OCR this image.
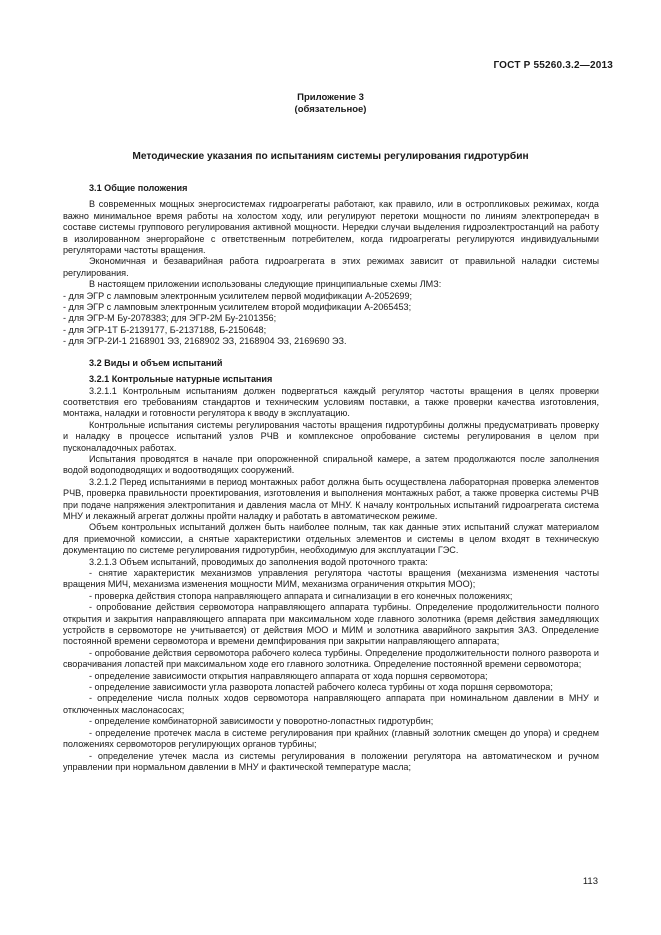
ГОСТ Р 55260.3.2—2013
Приложение 3
(обязательное)
Методические указания по испытаниям системы регулирования гидротурбин

3.1 Общие положения

В современных мощных энергосистемах гидроагрегаты работают, как правило, или в остропликовых режимах, когда важно минимальное время работы на холостом ходу, или регулируют перетоки мощности по линиям электропередач в составе системы группового регулирования активной мощности. Нередки случаи выделения гидроэлектростанций на работу в изолированном энергорайоне с ответственным потребителем, когда гидроагрегаты регулируются индивидуальными регуляторами частоты вращения.

Экономичная и безаварийная работа гидроагрегата в этих режимах зависит от правильной наладки системы регулирования.

В настоящем приложении использованы следующие принципиальные схемы ЛМЗ:

- для ЭГР с ламповым электронным усилителем первой модификации А-2052699;

- для ЭГР с ламповым электронным усилителем второй модификации А-2065453;

- для ЭГР-М Бу-2078383; для ЭГР-2М Бу-2101356;

- для ЭГР-1Т Б-2139177, Б-2137188, Б-2150648;

- для ЭГР-2И-1 2168901 ЭЗ, 2168902 ЭЗ, 2168904 ЭЗ, 2169690 ЭЗ.

3.2 Виды и объем испытаний

3.2.1 Контрольные натурные испытания

3.2.1.1 Контрольным испытаниям должен подвергаться каждый регулятор частоты вращения в целях проверки соответствия его требованиям стандартов и техническим условиям поставки, а также проверки качества изготовления, монтажа, наладки и готовности регулятора к вводу в эксплуатацию.

Контрольные испытания системы регулирования частоты вращения гидротурбины должны предусматривать проверку и наладку в процессе испытаний узлов РЧВ и комплексное опробование системы регулирования в целом при пусконаладочных работах.

Испытания проводятся в начале при опорожненной спиральной камере, а затем продолжаются после заполнения водой водоподводящих и водоотводящих сооружений.

3.2.1.2 Перед испытаниями в период монтажных работ должна быть осуществлена лабораторная проверка элементов РЧВ, проверка правильности проектирования, изготовления и выполнения монтажных работ, а также проверка системы РЧВ при подаче напряжения электропитания и давления масла от МНУ. К началу контрольных испытаний гидроагрегата система МНУ и лекажный агрегат должны пройти наладку и работать в автоматическом режиме.

Объем контрольных испытаний должен быть наиболее полным, так как данные этих испытаний служат материалом для приемочной комиссии, а снятые характеристики отдельных элементов и системы в целом входят в техническую документацию по системе регулирования гидротурбин, необходимую для эксплуатации ГЭС.

3.2.1.3 Объем испытаний, проводимых до заполнения водой проточного тракта:

- снятие характеристик механизмов управления регулятора частоты вращения (механизма изменения частоты вращения МИЧ, механизма изменения мощности МИМ, механизма ограничения открытия МОО);

- проверка действия стопора направляющего аппарата и сигнализации в его конечных положениях;

- опробование действия сервомотора направляющего аппарата турбины. Определение продолжительности полного открытия и закрытия направляющего аппарата при максимальном ходе главного золотника (время действия замедляющих устройств в сервомоторе не учитывается) от действия МОО и МИМ и золотника аварийного закрытия ЗАЗ. Определение постоянной времени сервомотора и времени демпфирования при закрытии направляющего аппарата;

- опробование действия сервомотора рабочего колеса турбины. Определение продолжительности полного разворота и сворачивания лопастей при максимальном ходе его главного золотника. Определение постоянной времени сервомотора;

- определение зависимости открытия направляющего аппарата от хода поршня сервомотора;

- определение зависимости угла разворота лопастей рабочего колеса турбины от хода поршня сервомотора;

- определение числа полных ходов сервомотора направляющего аппарата при номинальном давлении в МНУ и отключенных маслонасосах;

- определение комбинаторной зависимости у поворотно-лопастных гидротурбин;

- определение протечек масла в системе регулирования при крайних (главный золотник смещен до упора) и среднем положениях сервомоторов регулирующих органов турбины;

- определение утечек масла из системы регулирования в положении регулятора на автоматическом и ручном управлении при нормальном давлении в МНУ и фактической температуре масла;

113
